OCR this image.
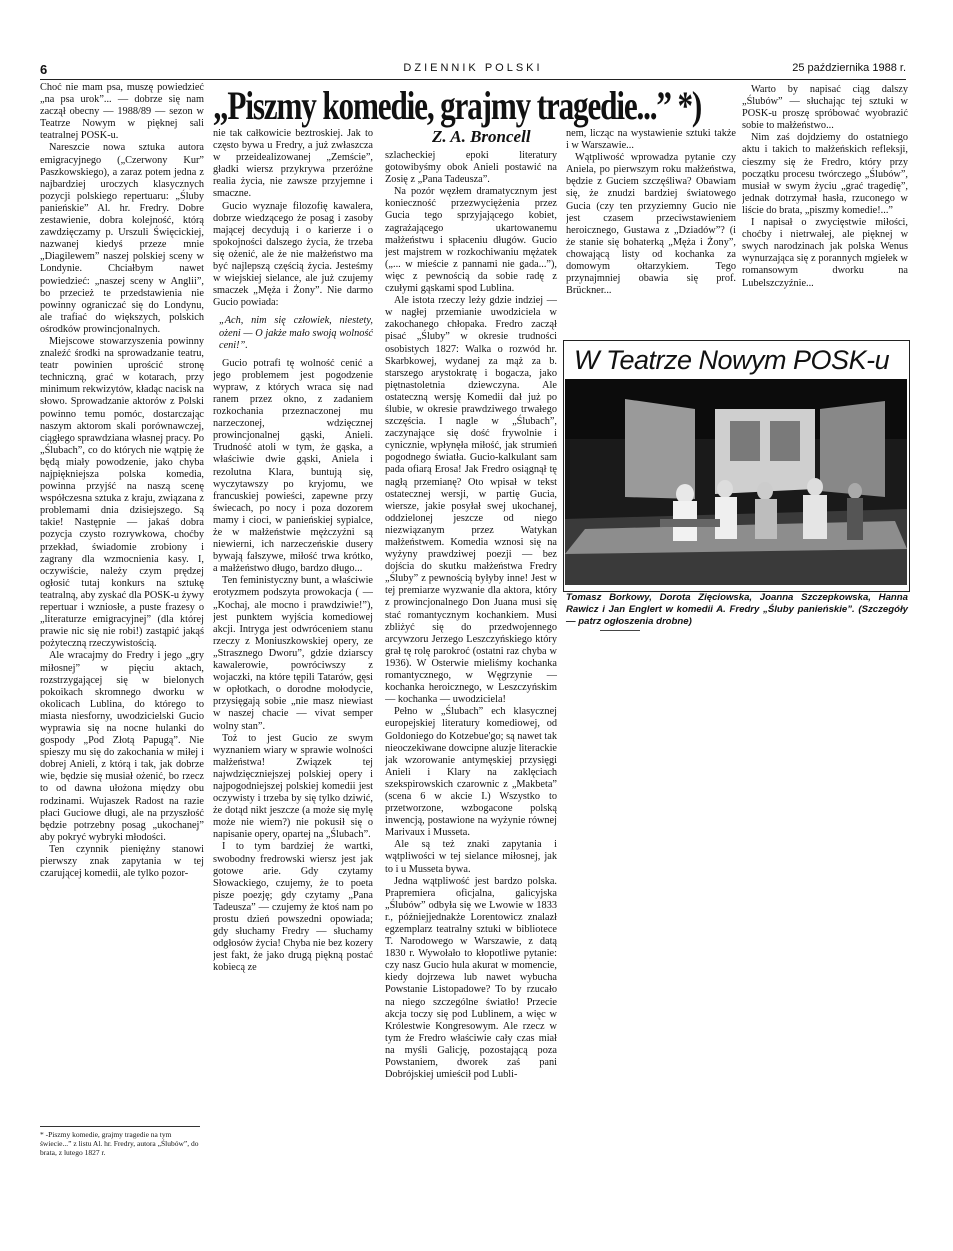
6	DZIENNIK POLSKI	25 października 1988 r.

Choć nie mam psa, muszę powiedzieć „na psa urok”... — dobrze się nam zaczął obecny — 1988/89 — sezon w Teatrze Nowym w pięknej sali teatralnej POSK-u.

Nareszcie nowa sztuka autora emigracyjnego („Czerwony Kur” Paszkowskiego), a zaraz potem jedna z najbardziej uroczych klasycznych pozycji polskiego repertuaru: „Śluby panieńskie” Al. hr. Fredry. Dobre zestawienie, dobra kolejność, którą zawdzięczamy p. Urszuli Święcickiej, nazwanej kiedyś przeze mnie „Diagilewem” naszej polskiej sceny w Londynie. Chciałbym nawet powiedzieć: „naszej sceny w Anglii”, bo przecież te przedstawienia nie powinny ograniczać się do Londynu, ale trafiać do większych, polskich ośrodków prowincjonalnych.

Miejscowe stowarzyszenia powinny znaleźć środki na sprowadzanie teatru, teatr powinien uprościć stronę techniczną, grać w kotarach, przy minimum rekwizytów, kładąc nacisk na słowo. Sprowadzanie aktorów z Polski powinno temu pomóc, dostarczając naszym aktorom skali porównawczej, ciągłego sprawdziana własnej pracy. Po „Ślubach”, co do których nie wątpię że będą miały powodzenie, jako chyba najpiękniejsza polska komedia, powinna przyjść na naszą scenę współczesna sztuka z kraju, związana z problemami dnia dzisiejszego. Są takie! Następnie — jakaś dobra pozycja czysto rozrywkowa, choćby przekład, świadomie zrobiony i zagrany dla wzmocnienia kasy. I, oczywiście, należy czym prędzej ogłosić tutaj konkurs na sztukę teatralną, aby zyskać dla POSK-u żywy repertuar i wzniosłe, a puste frazesy o „literaturze emigracyjnej” (dla której prawie nic się nie robi!) zastąpić jakąś pożyteczną rzeczywistością.

Ale wracajmy do Fredry i jego „gry miłosnej” w pięciu aktach, rozstrzygającej się w bielonych pokoikach skromnego dworku w okolicach Lublina, do którego to miasta niesforny, uwodzicielski Gucio wyprawia się na nocne hulanki do gospody „Pod Złotą Papugą”. Nie spieszy mu się do zakochania w miłej i dobrej Anieli, z którą i tak, jak dobrze wie, będzie się musiał ożenić, bo rzecz to od dawna ułożona między obu rodzinami. Wujaszek Radost na razie płaci Guciowe długi, ale na przyszłość będzie potrzebny posag „ukochanej” aby pokryć wybryki młodości.

Ten czynnik pieniężny stanowi pierwszy znak zapytania w tej czarującej komedii, ale tylko pozor-

„Piszmy komedie, grajmy tragedie...” *)

nie tak całkowicie beztroskiej. Jak to często bywa u Fredry, a już zwłaszcza w przeidealizowanej „Zemście”, gładki wiersz przykrywa przeróżne realia życia, nie zawsze przyjemne i smaczne.

Gucio wyznaje filozofię kawalera, dobrze wiedzącego że posag i zasoby mającej decydują i o karierze i o spokojności dalszego życia, że trzeba się ożenić, ale że nie małżeństwo ma być najlepszą częścią życia. Jesteśmy w wiejskiej sielance, ale już czujemy smaczek „Męża i Żony”. Nie darmo Gucio powiada:

„Ach, nim się człowiek, niestety, ożeni — O jakże mało swoją wolność ceni!”.

Gucio potrafi tę wolność cenić a jego problemem jest pogodzenie wypraw, z których wraca się nad ranem przez okno, z zadaniem rozkochania przeznaczonej mu narzeczonej, wdzięcznej prowincjonalnej gąski, Anieli. Trudność atoli w tym, że gąska, a właściwie dwie gąski, Aniela i rezolutna Klara, buntują się, wyczytawszy po kryjomu, we francuskiej powieści, zapewne przy świecach, po nocy i poza dozorem mamy i cioci, w panieńskiej sypialce, że w małżeństwie mężczyźni są niewierni, ich narzeczeńskie dusery bywają fałszywe, miłość trwa krótko, a małżeństwo długo, bardzo długo...

Ten feministyczny bunt, a właściwie erotyzmem podszyta prowokacja ( — „Kochaj, ale mocno i prawdziwie!”), jest punktem wyjścia komediowej akcji. Intryga jest odwróceniem stanu rzeczy z Moniuszkowskiej opery, ze „Strasznego Dworu”, gdzie dziarscy kawalerowie, powróciwszy z wojaczki, na które tępili Tatarów, gęsi w opłotkach, o dorodne mołodycie, przysięgają sobie „nie masz niewiast w naszej chacie — vivat semper wolny stan”.

Toż to jest Gucio ze swym wyznaniem wiary w sprawie wolności małżeństwa! Związek tej najwdzięczniejszej polskiej opery i najpogodniejszej polskiej komedii jest oczywisty i trzeba by się tylko dziwić, że dotąd nikt jeszcze (a może się mylę może nie wiem?) nie pokusił się o napisanie opery, opartej na „Ślubach”.

I to tym bardziej że wartki, swobodny fredrowski wiersz jest jak gotowe arie. Gdy czytamy Słowackiego, czujemy, że to poeta pisze poezję; gdy czytamy „Pana Tadeusza” — czujemy że ktoś nam po prostu dzień powszedni opowiada; gdy słuchamy Fredry — słuchamy odgłosów życia! Chyba nie bez kozery jest fakt, że jako drugą piękną postać kobiecą ze

Z. A. Broncell

szlacheckiej epoki literatury gotowibyśmy obok Anieli postawić na Zosię z „Pana Tadeusza”.

Na pozór węzłem dramatycznym jest konieczność przezwyciężenia przez Gucia tego sprzyjającego kobiet, zagrażającego ukartowanemu małżeństwu i spłaceniu długów. Gucio jest majstrem w rozkochiwaniu mężatek („... w mieście z pannami nie gada...”), więc z pewnością da sobie radę z czułymi gąskami spod Lublina.

Ale istota rzeczy leży gdzie indziej — w nagłej przemianie uwodziciela w zakochanego chłopaka. Fredro zaczął pisać „Śluby” w okresie trudności osobistych 1827: Walka o rozwód hr. Skarbkowej, wydanej za mąż za b. starszego arystokratę i bogacza, jako piętnastoletnia dziewczyna. Ale ostateczną wersję Komedii dał już po ślubie, w okresie prawdziwego trwałego szczęścia. I nagle w „Ślubach”, zaczynające się dość frywolnie i cynicznie, wpłynęła miłość, jak strumień pogodnego światła. Gucio-kalkulant sam pada ofiarą Erosa! Jak Fredro osiągnął tę nagłą przemianę? Oto wpisał w tekst ostatecznej wersji, w partię Gucia, wiersze, jakie posyłał swej ukochanej, oddzielonej jeszcze od niego niezwiązanym przez Watykan małżeństwem. Komedia wznosi się na wyżyny prawdziwej poezji — bez dojścia do skutku małżeństwa Fredry „Śluby” z pewnością byłyby inne! Jest w tej premiarze wyzwanie dla aktora, który z prowincjonalnego Don Juana musi się stać romantycznym kochankiem. Musi zbliżyć się do przedwojennego arcywzoru Jerzego Leszczyńskiego który grał tę rolę parokroć (ostatni raz chyba w 1936). W Osterwie mieliśmy kochanka romantycznego, w Węgrzynie — kochanka heroicznego, w Leszczyńskim — kochanka — uwodziciela!

Pełno w „Ślubach” ech klasycznej europejskiej literatury komediowej, od Goldoniego do Kotzebue'go; są nawet tak nieoczekiwane dowcipne aluzje literackie jak wzorowanie antymęskiej przysięgi Anieli i Klary na zaklęciach szekspirowskich czarownic z „Makbeta” (scena 6 w akcie I.) Wszystko to przetworzone, wzbogacone polską inwencją, postawione na wyżynie równej Marivaux i Musseta.

Ale są też znaki zapytania i wątpliwości w tej sielance miłosnej, jak to i u Musseta bywa.

Jedna wątpliwość jest bardzo polska. Prapremiera oficjalna, galicyjska „Ślubów” odbyła się we Lwowie w 1833 r., późniejjednakże Lorentowicz znalazł egzemplarz teatralny sztuki w bibliotece T. Narodowego w Warszawie, z datą 1830 r. Wywołało to kłopotliwe pytanie: czy nasz Gucio hula akurat w momencie, kiedy dojrzewa lub nawet wybucha Powstanie Listopadowe? To by rzucało na niego szczególne światło! Przecie akcja toczy się pod Lublinem, a więc w Królestwie Kongresowym. Ale rzecz w tym że Fredro właściwie cały czas miał na myśli Galicję, pozostającą poza Powstaniem, dworek zaś pani Dobrójskiej umieścił pod Lubli-

nem, licząc na wystawienie sztuki także i w Warszawie...

Wątpliwość wprowadza pytanie czy Aniela, po pierwszym roku małżeństwa, będzie z Guciem szczęśliwa? Obawiam się, że znudzi bardziej światowego Gucia (czy ten przyziemny Gucio nie jest czasem przeciwstawieniem heroicznego, Gustawa z „Dziadów”? (i że stanie się bohaterką „Męża i Żony”, chowającą listy od kochanka za domowym ołtarzykiem. Tego przynajmniej obawia się prof. Brückner...

Warto by napisać ciąg dalszy „Ślubów” — słuchając tej sztuki w POSK-u proszę spróbować wyobrazić sobie to małżeństwo...

Nim zaś dojdziemy do ostatniego aktu i takich to małżeńskich refleksji, cieszmy się że Fredro, który przy początku procesu twórczego „Ślubów”, musiał w swym życiu „grać tragedię”, jednak dotrzymał hasła, rzuconego w liście do brata, „piszmy komedie!...”

I napisał o zwycięstwie miłości, choćby i nietrwałej, ale pięknej w swych narodzinach jak polska Wenus wynurzająca się z porannych mgiełek w romansowym dworku na Lubelszczyźnie...

* -Piszmy komedie, grajmy tragedie na tym świecie...” z listu Al. hr. Fredry, autora „Ślubów”, do brata, z lutego 1827 r.
W Teatrze Nowym POSK-u
Tomasz Borkowy, Dorota Zięciowska, Joanna Szczepkowska, Hanna Rawicz i Jan Englert w komedii A. Fredry „Śluby panieńskie”. (Szczegóły — patrz ogłoszenia drobne)
